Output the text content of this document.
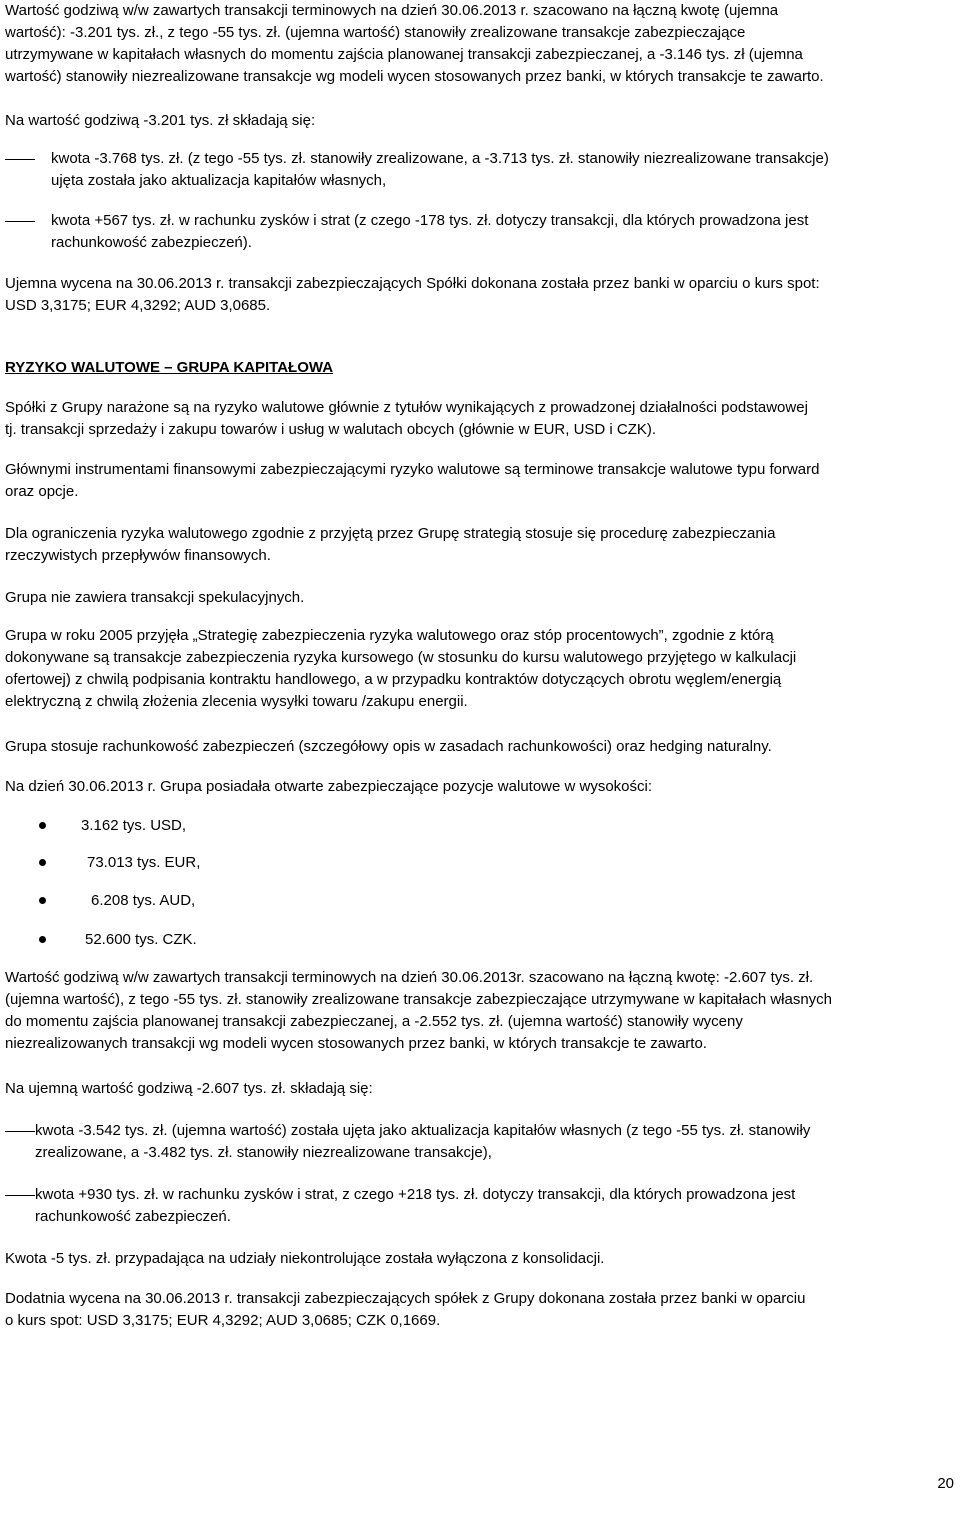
Wartość godziwą w/w zawartych transakcji terminowych na dzień 30.06.2013 r. szacowano na łączną kwotę (ujemna
wartość): -3.201 tys. zł., z tego -55 tys. zł. (ujemna wartość) stanowiły zrealizowane transakcje zabezpieczające
utrzymywane w kapitałach własnych do momentu zajścia planowanej transakcji zabezpieczanej, a -3.146 tys. zł (ujemna
wartość) stanowiły niezrealizowane transakcje wg modeli wycen stosowanych przez banki, w których transakcje te zawarto.

Na wartość godziwą -3.201 tys. zł składają się:

kwota -3.768 tys. zł. (z tego -55 tys. zł. stanowiły zrealizowane, a -3.713 tys. zł. stanowiły niezrealizowane transakcje)
ujęta została jako aktualizacja kapitałów własnych,

kwota +567 tys. zł. w rachunku zysków i strat (z czego -178 tys. zł. dotyczy transakcji, dla których prowadzona jest
rachunkowość zabezpieczeń).

Ujemna wycena na 30.06.2013 r. transakcji zabezpieczających Spółki dokonana została przez banki w oparciu o kurs spot:
USD 3,3175; EUR 4,3292; AUD 3,0685.

RYZYKO WALUTOWE – GRUPA KAPITAŁOWA

Spółki z Grupy narażone są na ryzyko walutowe głównie z tytułów wynikających z prowadzonej działalności podstawowej
tj. transakcji sprzedaży i zakupu towarów i usług w walutach obcych (głównie w EUR, USD i CZK).

Głównymi instrumentami finansowymi zabezpieczającymi ryzyko walutowe są terminowe transakcje walutowe typu forward
oraz opcje.

Dla ograniczenia ryzyka walutowego zgodnie z przyjętą przez Grupę strategią stosuje się procedurę zabezpieczania
rzeczywistych przepływów finansowych.

Grupa nie zawiera transakcji spekulacyjnych.

Grupa w roku 2005 przyjęła „Strategię zabezpieczenia ryzyka walutowego oraz stóp procentowych”, zgodnie z którą
dokonywane są transakcje zabezpieczenia ryzyka kursowego (w stosunku do kursu walutowego przyjętego w kalkulacji
ofertowej) z chwilą podpisania kontraktu handlowego, a w przypadku kontraktów dotyczących obrotu węglem/energią
elektryczną z chwilą złożenia zlecenia wysyłki towaru /zakupu energii.

Grupa stosuje rachunkowość zabezpieczeń (szczegółowy opis w zasadach rachunkowości) oraz hedging naturalny.

Na dzień 30.06.2013 r. Grupa posiadała otwarte zabezpieczające pozycje walutowe w wysokości:

3.162 tys. USD,
73.013 tys. EUR,
6.208 tys. AUD,
52.600 tys. CZK.

Wartość godziwą w/w zawartych transakcji terminowych na dzień 30.06.2013r. szacowano na łączną kwotę: -2.607 tys. zł.
(ujemna wartość), z tego -55 tys. zł. stanowiły zrealizowane transakcje zabezpieczające utrzymywane w kapitałach własnych
do momentu zajścia planowanej transakcji zabezpieczanej, a -2.552 tys. zł. (ujemna wartość) stanowiły wyceny
niezrealizowanych transakcji wg modeli wycen stosowanych przez banki, w których transakcje te zawarto.

Na ujemną wartość godziwą -2.607 tys. zł. składają się:

kwota -3.542 tys. zł. (ujemna wartość) została ujęta jako aktualizacja kapitałów własnych (z tego -55 tys. zł. stanowiły
zrealizowane, a -3.482 tys. zł. stanowiły niezrealizowane transakcje),

kwota +930 tys. zł. w rachunku zysków i strat, z czego +218 tys. zł. dotyczy transakcji, dla których prowadzona jest
rachunkowość zabezpieczeń.

Kwota -5 tys. zł. przypadająca na udziały niekontrolujące została wyłączona z konsolidacji.

Dodatnia wycena na 30.06.2013 r. transakcji zabezpieczających spółek z Grupy dokonana została przez banki w oparciu
o kurs spot: USD 3,3175; EUR 4,3292; AUD 3,0685; CZK 0,1669.

20
